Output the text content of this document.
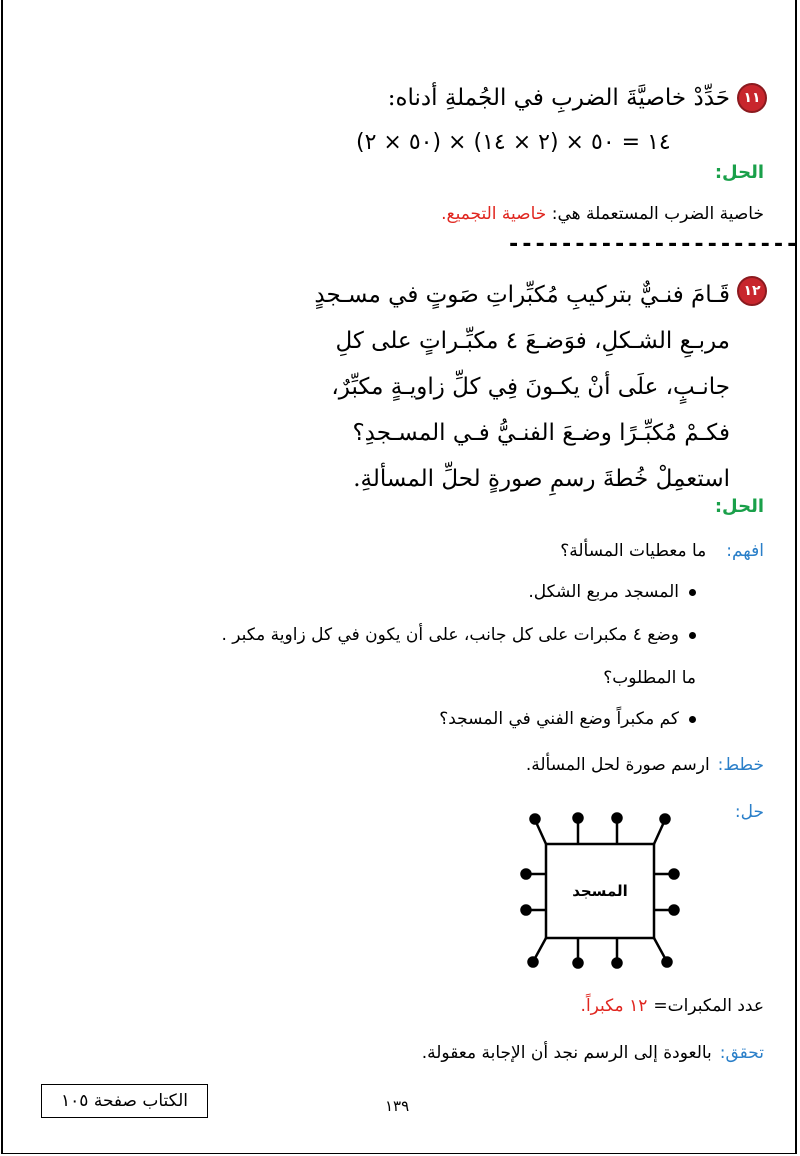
١١
حَدِّدْ خاصيَّةَ الضربِ في الجُملةِ أدناه:
(٥٠ × ٢) × ١٤ = ٥٠ × (٢ × ١٤)
الحل:
خاصية الضرب المستعملة هي: خاصية التجميع.
----------------------
١٢
قَـامَ فنـيٌّ بتركيبِ مُكبِّراتِ صَوتٍ في مسـجدٍ
مربـعِ الشـكلِ، فوَضـعَ ٤ مكبِّـراتٍ على كلِ
جانـبٍ، علَى أنْ يكـونَ فِي كلِّ زاويـةٍ مكبِّرٌ،
فكـمْ مُكبِّـرًا وضـعَ الفنـيُّ فـي المسـجدِ؟
استعمِلْ خُطةَ رسمِ صورةٍ لحلِّ المسألةِ.
الحل:
افهم:
ما معطيات المسألة؟
المسجد مربع الشكل.
وضع ٤ مكبرات على كل جانب، على أن يكون في كل زاوية مكبر .
ما المطلوب؟
كم مكبراً وضع الفني في المسجد؟
خطط:
ارسم صورة لحل المسألة.
حل:
المسجد
عدد المكبرات=
١٢ مكبراً
.
تحقق:
بالعودة إلى الرسم نجد أن الإجابة معقولة.
١٣٩
الكتاب صفحة ١٠٥
